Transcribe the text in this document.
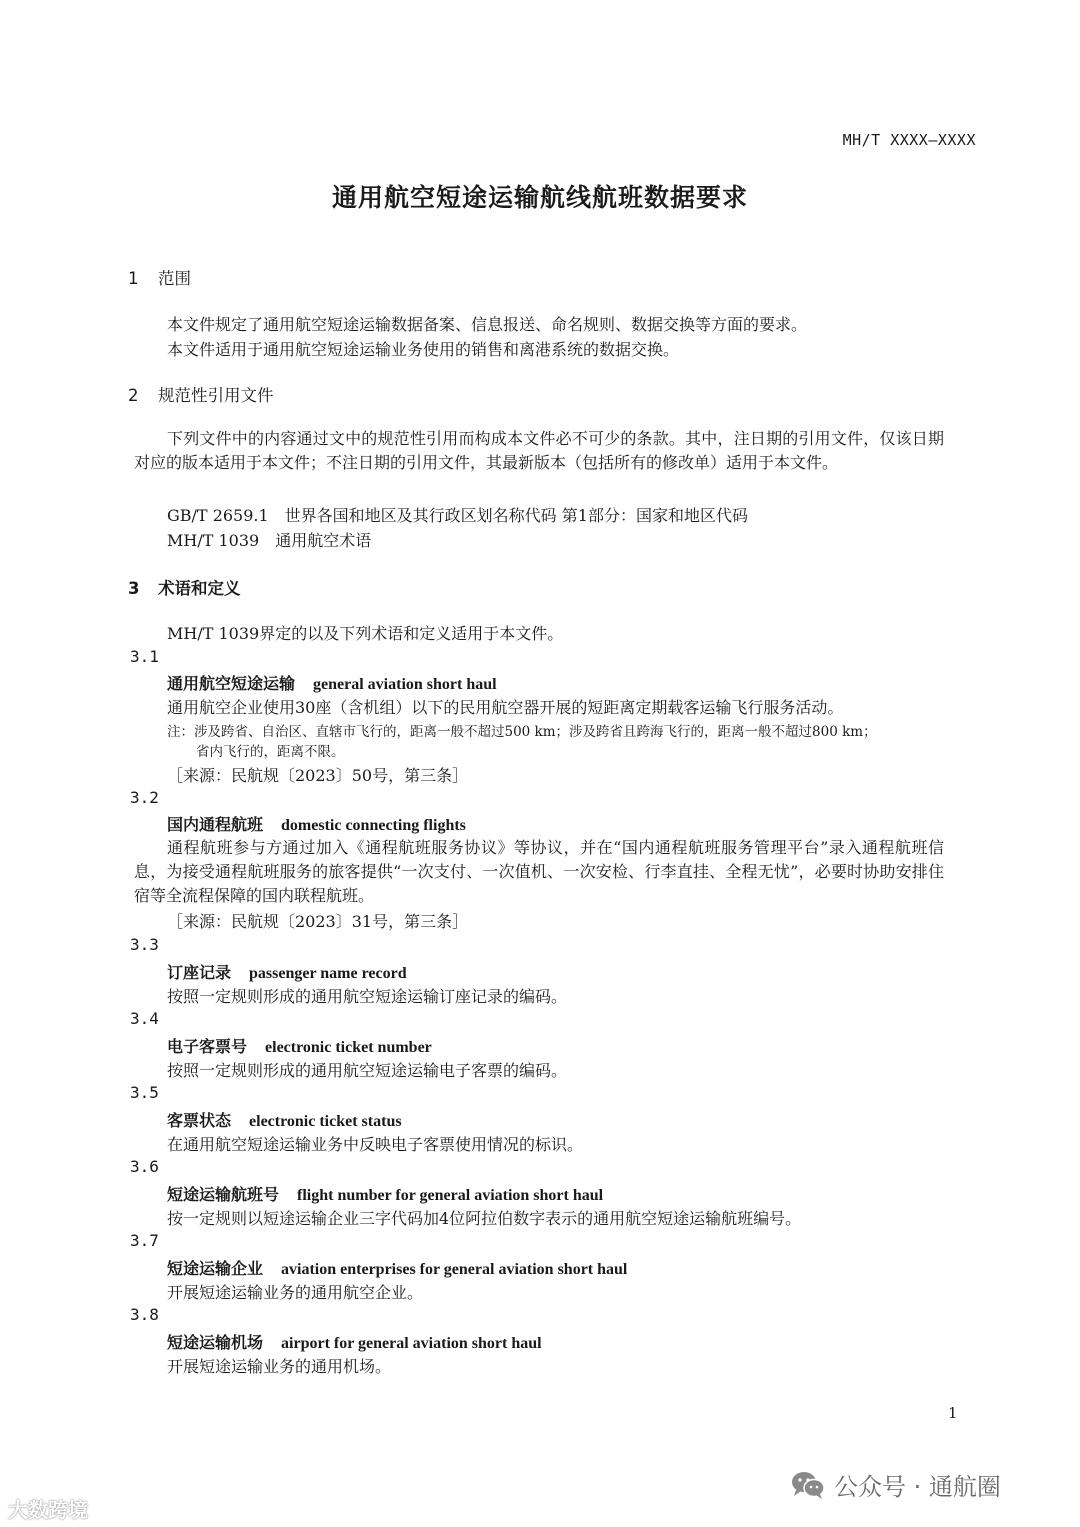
MH/T XXXX—XXXX
通用航空短途运输航线航班数据要求
1 范围
本文件规定了通用航空短途运输数据备案、信息报送、命名规则、数据交换等方面的要求。
本文件适用于通用航空短途运输业务使用的销售和离港系统的数据交换。
2 规范性引用文件
下列文件中的内容通过文中的规范性引用而构成本文件必不可少的条款。其中，注日期的引用文件，仅该日期对应的版本适用于本文件；不注日期的引用文件，其最新版本（包括所有的修改单）适用于本文件。
GB/T 2659.1　世界各国和地区及其行政区划名称代码 第1部分：国家和地区代码
MH/T 1039　通用航空术语
3 术语和定义
MH/T 1039界定的以及下列术语和定义适用于本文件。
3.1
通用航空短途运输 general aviation short haul
通用航空企业使用30座（含机组）以下的民用航空器开展的短距离定期载客运输飞行服务活动。
注：涉及跨省、自治区、直辖市飞行的，距离一般不超过500 km；涉及跨省且跨海飞行的，距离一般不超过800 km；
省内飞行的，距离不限。
［来源：民航规〔2023〕50号，第三条］
3.2
国内通程航班 domestic connecting flights
通程航班参与方通过加入《通程航班服务协议》等协议，并在“国内通程航班服务管理平台”录入通程航班信息，为接受通程航班服务的旅客提供“一次支付、一次值机、一次安检、行李直挂、全程无忧”，必要时协助安排住宿等全流程保障的国内联程航班。
［来源：民航规〔2023〕31号，第三条］
3.3
订座记录 passenger name record
按照一定规则形成的通用航空短途运输订座记录的编码。
3.4
电子客票号 electronic ticket number
按照一定规则形成的通用航空短途运输电子客票的编码。
3.5
客票状态 electronic ticket status
在通用航空短途运输业务中反映电子客票使用情况的标识。
3.6
短途运输航班号 flight number for general aviation short haul
按一定规则以短途运输企业三字代码加4位阿拉伯数字表示的通用航空短途运输航班编号。
3.7
短途运输企业 aviation enterprises for general aviation short haul
开展短途运输业务的通用航空企业。
3.8
短途运输机场 airport for general aviation short haul
开展短途运输业务的通用机场。
1
大数跨境
公众号 · 通航圈
